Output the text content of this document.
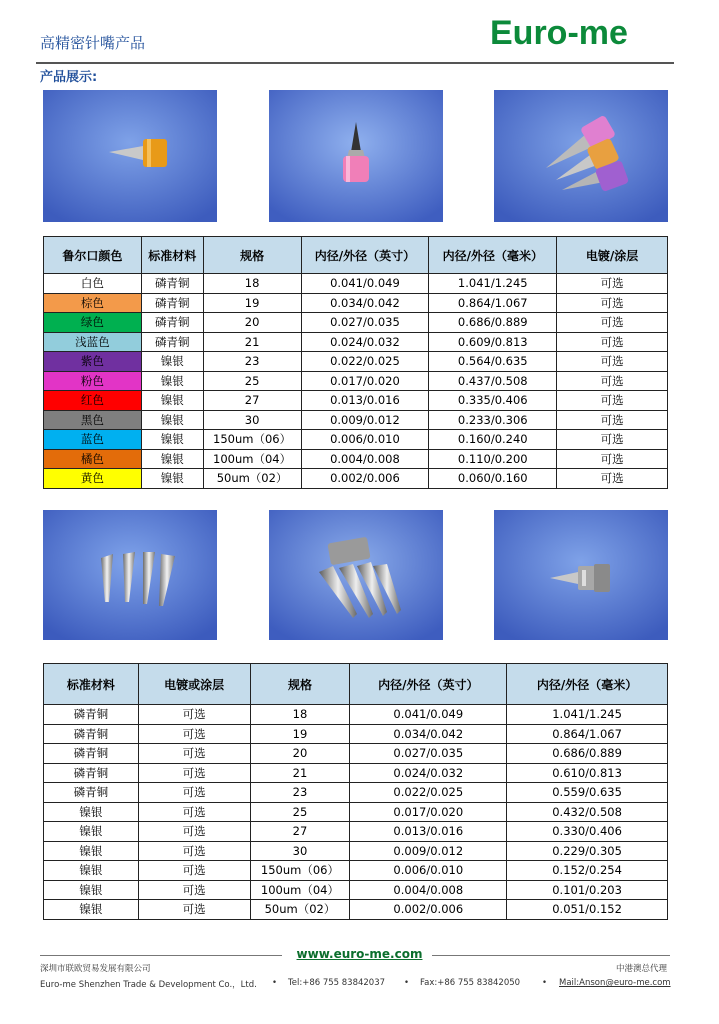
高精密针嘴产品	Euro-me
产品展示:
鲁尔口颜色	标准材料	规格	内径/外径（英寸）	内径/外径（毫米）	电镀/涂层
白色	磷青铜	18	0.041/0.049	1.041/1.245	可选
棕色	磷青铜	19	0.034/0.042	0.864/1.067	可选
绿色	磷青铜	20	0.027/0.035	0.686/0.889	可选
浅蓝色	磷青铜	21	0.024/0.032	0.609/0.813	可选
紫色	镍银	23	0.022/0.025	0.564/0.635	可选
粉色	镍银	25	0.017/0.020	0.437/0.508	可选
红色	镍银	27	0.013/0.016	0.335/0.406	可选
黑色	镍银	30	0.009/0.012	0.233/0.306	可选
蓝色	镍银	150um（06）	0.006/0.010	0.160/0.240	可选
橘色	镍银	100um（04）	0.004/0.008	0.110/0.200	可选
黄色	镍银	50um（02）	0.002/0.006	0.060/0.160	可选
标准材料	电镀或涂层	规格	内径/外径（英寸）	内径/外径（毫米）
磷青铜	可选	18	0.041/0.049	1.041/1.245
磷青铜	可选	19	0.034/0.042	0.864/1.067
磷青铜	可选	20	0.027/0.035	0.686/0.889
磷青铜	可选	21	0.024/0.032	0.610/0.813
磷青铜	可选	23	0.022/0.025	0.559/0.635
镍银	可选	25	0.017/0.020	0.432/0.508
镍银	可选	27	0.013/0.016	0.330/0.406
镍银	可选	30	0.009/0.012	0.229/0.305
镍银	可选	150um（06）	0.006/0.010	0.152/0.254
镍银	可选	100um（04）	0.004/0.008	0.101/0.203
镍银	可选	50um（02）	0.002/0.006	0.051/0.152
www.euro-me.com
深圳市联欧贸易发展有限公司	中港澳总代理
Euro-me Shenzhen Trade & Development Co.，Ltd. • Tel:+86 755 83842037 • Fax:+86 755 83842050	• Mail:Anson@euro-me.com
